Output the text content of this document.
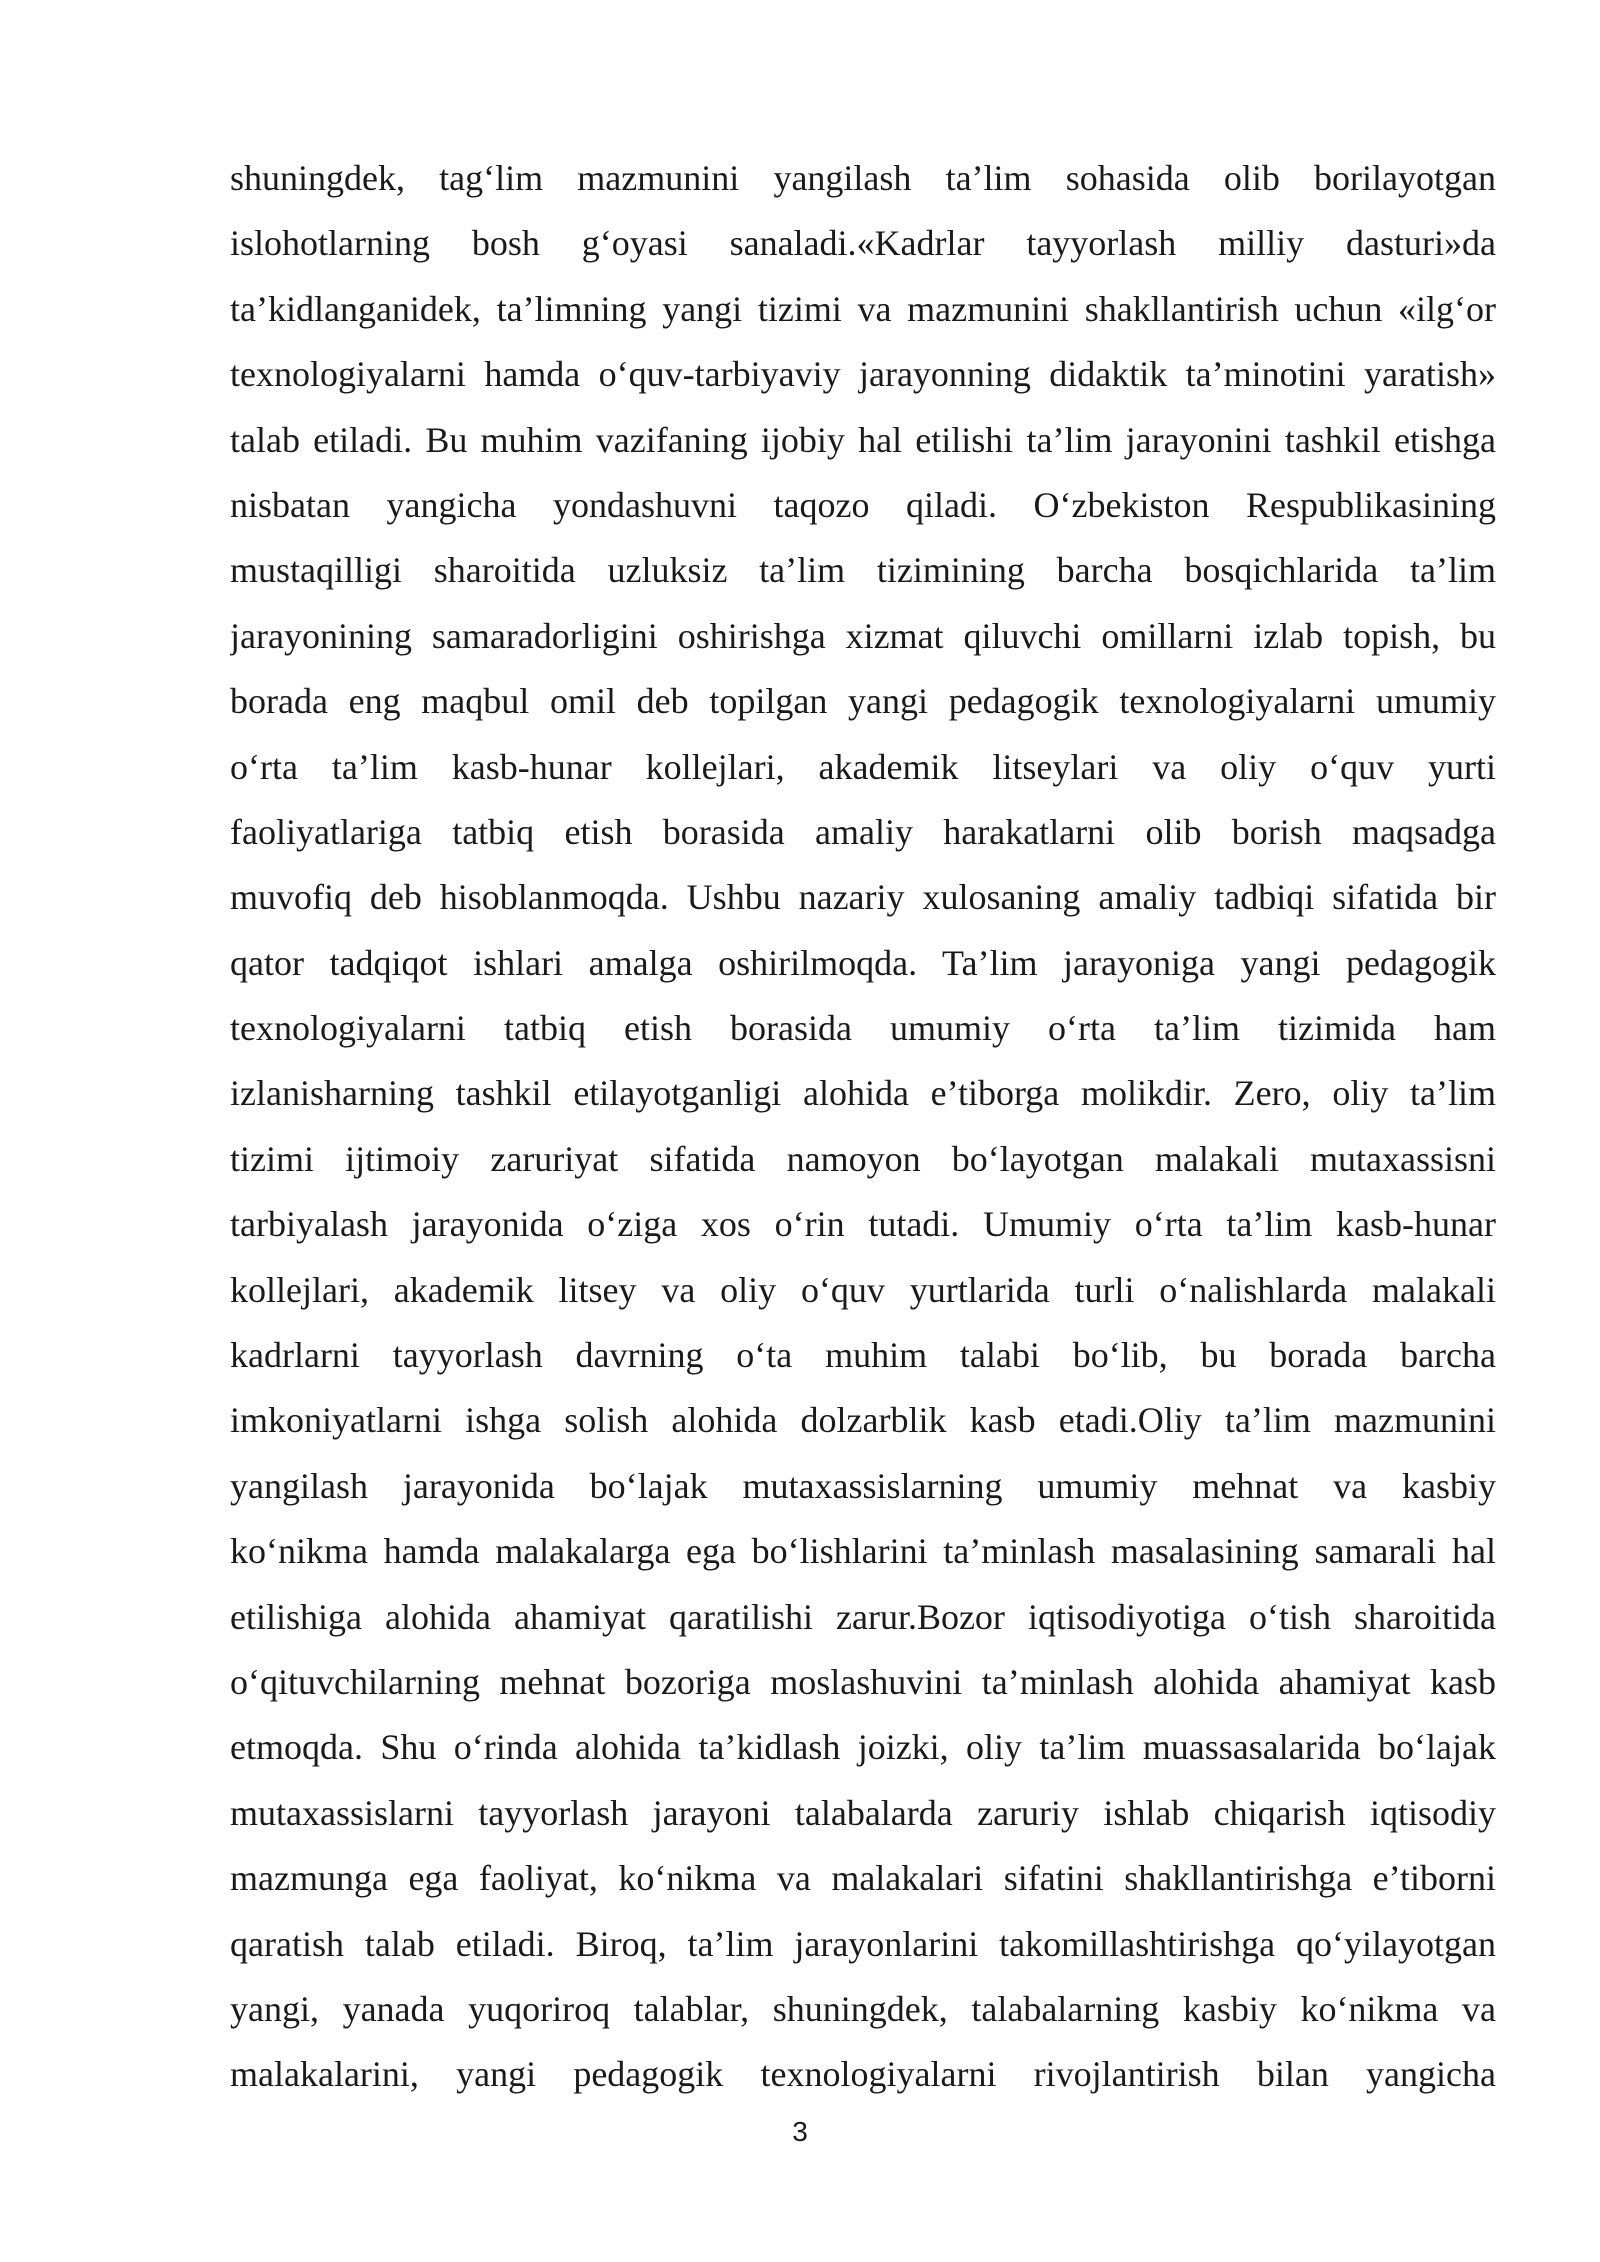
shuningdek, tag‘lim mazmunini yangilash ta’lim sohasida olib borilayotgan
islohotlarning bosh g‘oyasi sanaladi.«Kadrlar tayyorlash milliy dasturi»da
ta’kidlanganidek, ta’limning yangi tizimi va mazmunini shakllantirish uchun «ilg‘or
texnologiyalarni hamda o‘quv-tarbiyaviy jarayonning didaktik ta’minotini yaratish»
talab etiladi. Bu muhim vazifaning ijobiy hal etilishi ta’lim jarayonini tashkil etishga
nisbatan yangicha yondashuvni taqozo qiladi. O‘zbekiston Respublikasining
mustaqilligi sharoitida uzluksiz ta’lim tizimining barcha bosqichlarida ta’lim
jarayonining samaradorligini oshirishga xizmat qiluvchi omillarni izlab topish, bu
borada eng maqbul omil deb topilgan yangi pedagogik texnologiyalarni umumiy
o‘rta ta’lim kasb-hunar kollejlari, akademik litseylari va oliy o‘quv yurti
faoliyatlariga tatbiq etish borasida amaliy harakatlarni olib borish maqsadga
muvofiq deb hisoblanmoqda. Ushbu nazariy xulosaning amaliy tadbiqi sifatida bir
qator tadqiqot ishlari amalga oshirilmoqda. Ta’lim jarayoniga yangi pedagogik
texnologiyalarni tatbiq etish borasida umumiy o‘rta ta’lim tizimida ham
izlanisharning tashkil etilayotganligi alohida e’tiborga molikdir. Zero, oliy ta’lim
tizimi ijtimoiy zaruriyat sifatida namoyon bo‘layotgan malakali mutaxassisni
tarbiyalash jarayonida o‘ziga xos o‘rin tutadi. Umumiy o‘rta ta’lim kasb-hunar
kollejlari, akademik litsey va oliy o‘quv yurtlarida turli o‘nalishlarda malakali
kadrlarni tayyorlash davrning o‘ta muhim talabi bo‘lib, bu borada barcha
imkoniyatlarni ishga solish alohida dolzarblik kasb etadi.Oliy ta’lim mazmunini
yangilash jarayonida bo‘lajak mutaxassislarning umumiy mehnat va kasbiy
ko‘nikma hamda malakalarga ega bo‘lishlarini ta’minlash masalasining samarali hal
etilishiga alohida ahamiyat qaratilishi zarur.Bozor iqtisodiyotiga o‘tish sharoitida
o‘qituvchilarning mehnat bozoriga moslashuvini ta’minlash alohida ahamiyat kasb
etmoqda. Shu o‘rinda alohida ta’kidlash joizki, oliy ta’lim muassasalarida bo‘lajak
mutaxassislarni tayyorlash jarayoni talabalarda zaruriy ishlab chiqarish iqtisodiy
mazmunga ega faoliyat, ko‘nikma va malakalari sifatini shakllantirishga e’tiborni
qaratish talab etiladi. Biroq, ta’lim jarayonlarini takomillashtirishga qo‘yilayotgan
yangi, yanada yuqoriroq talablar, shuningdek, talabalarning kasbiy ko‘nikma va
malakalarini, yangi pedagogik texnologiyalarni rivojlantirish bilan yangicha
3
